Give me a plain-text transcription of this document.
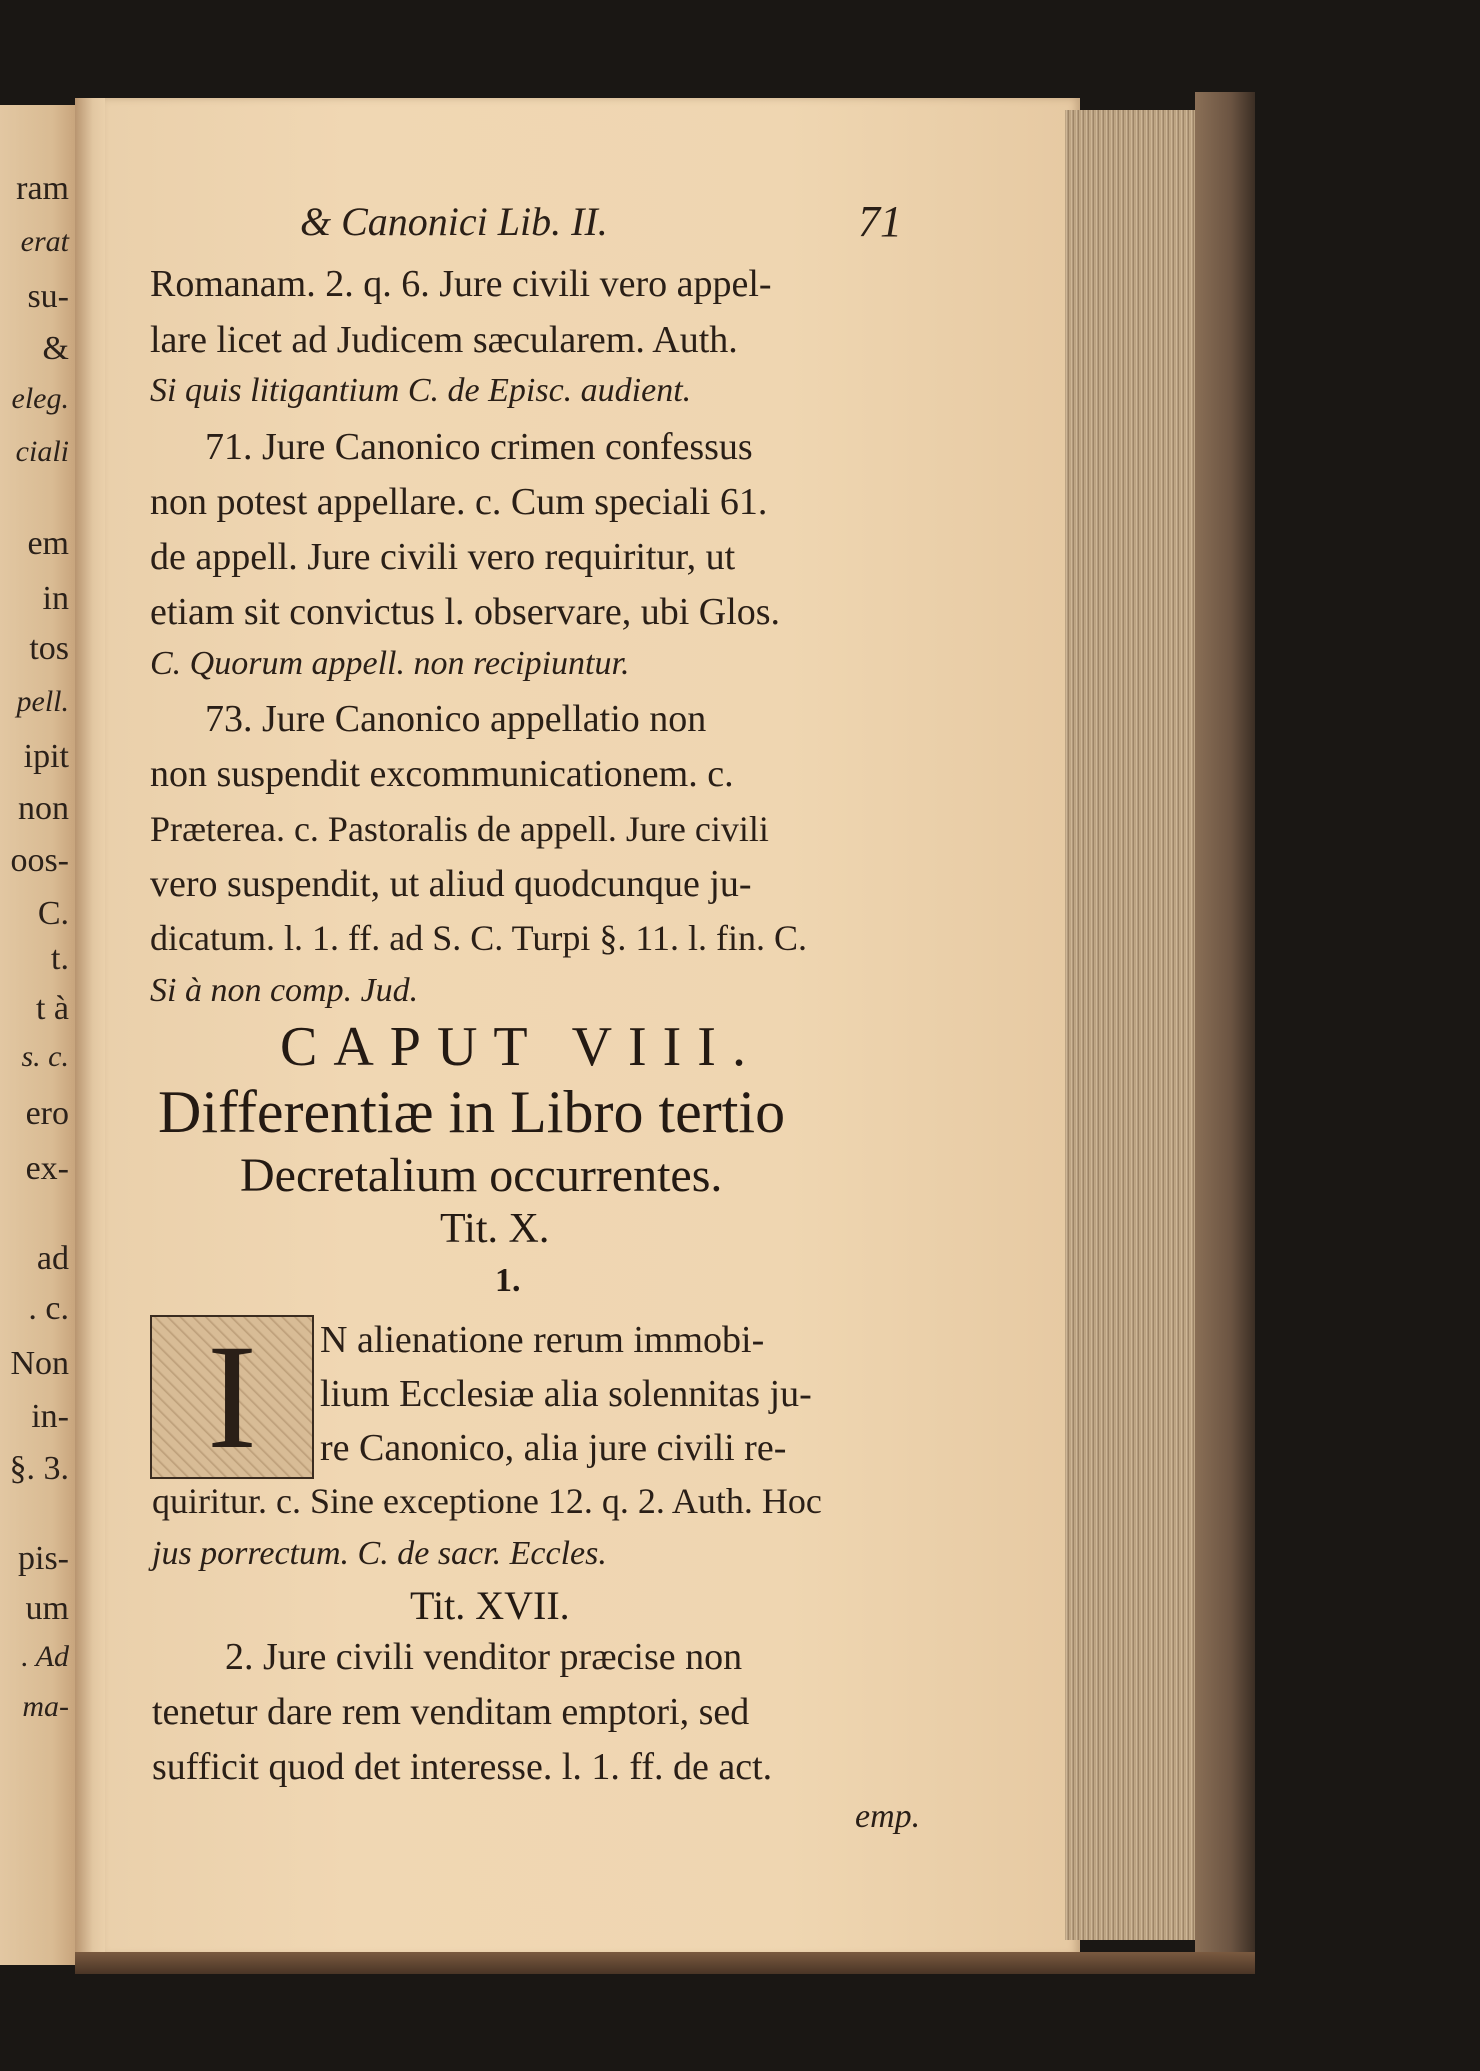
ram
erat
su-
&
eleg.
ciali
em
in
tos
pell.
ipit
non
oos-
C.
t.
t à
s. c.
ero
ex-
ad
. c.
Non
in-
§. 3.
pis-
um
. Ad
ma-
& Canonici Lib. II.	71
Romanam. 2. q. 6. Jure civili vero appel-
lare licet ad Judicem sæcularem. Auth.
Si quis litigantium C. de Episc. audient.
71. Jure Canonico crimen confessus
non potest appellare. c. Cum speciali 61.
de appell. Jure civili vero requiritur, ut
etiam sit convictus l. observare, ubi Glos.
C. Quorum appell. non recipiuntur.
73. Jure Canonico appellatio non
non suspendit excommunicationem. c.
Præterea. c. Pastoralis de appell. Jure civili
vero suspendit, ut aliud quodcunque ju-
dicatum. l. 1. ff. ad S. C. Turpi §. 11. l. fin. C.
Si à non comp. Jud.
CAPUT VIII.
Differentiæ in Libro tertio
Decretalium occurrentes.
Tit. X.
1.
I N alienatione rerum immobi-
lium Ecclesiæ alia solennitas ju-
re Canonico, alia jure civili re-
quiritur. c. Sine exceptione 12. q. 2. Auth. Hoc
jus porrectum. C. de sacr. Eccles.
Tit. XVII.
2. Jure civili venditor præcise non
tenetur dare rem venditam emptori, sed
sufficit quod det interesse. l. 1. ff. de act.
emp.
